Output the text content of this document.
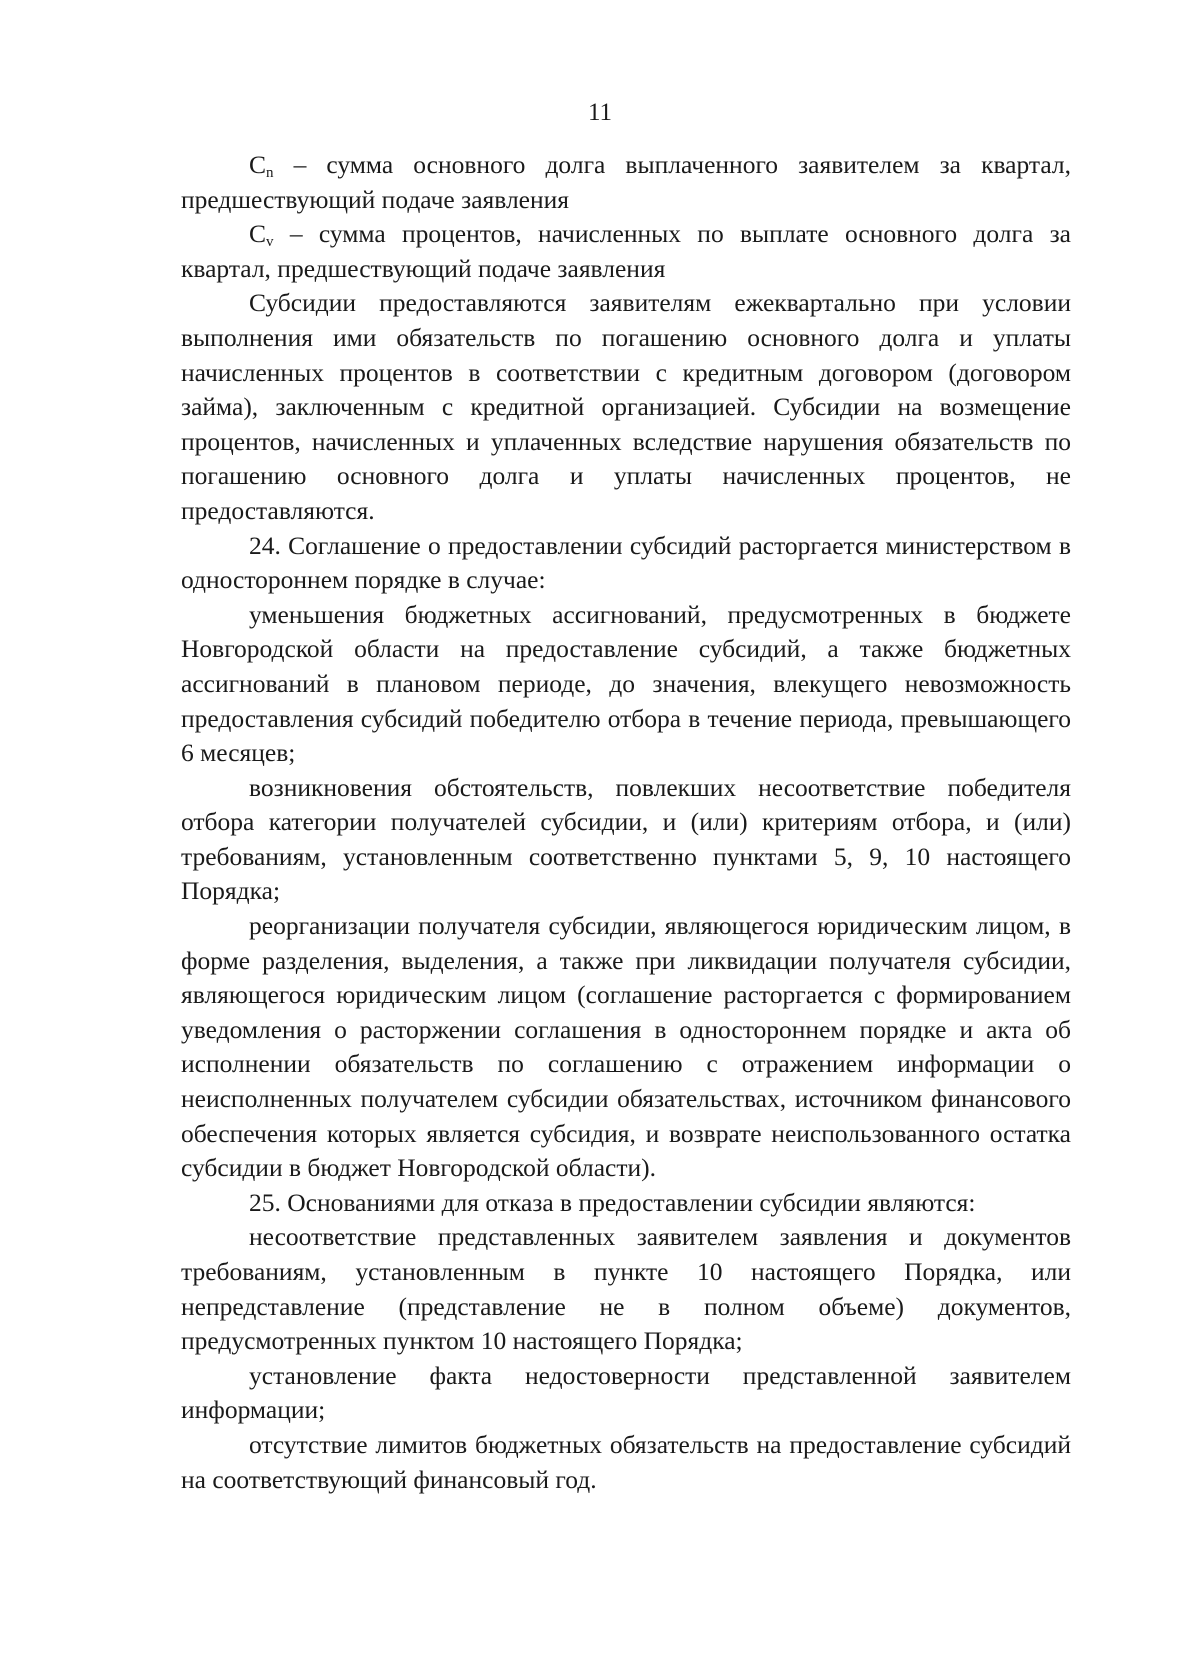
11

$C_n$ – сумма основного долга выплаченного заявителем за квартал, предшествующий подаче заявления

$C_v$ – сумма процентов, начисленных по выплате основного долга за квартал, предшествующий подаче заявления

Субсидии предоставляются заявителям ежеквартально при условии выполнения ими обязательств по погашению основного долга и уплаты начисленных процентов в соответствии с кредитным договором (договором займа), заключенным с кредитной организацией. Субсидии на возмещение процентов, начисленных и уплаченных вследствие нарушения обязательств по погашению основного долга и уплаты начисленных процентов, не предоставляются.

24. Соглашение о предоставлении субсидий расторгается министерством в одностороннем порядке в случае:

уменьшения бюджетных ассигнований, предусмотренных в бюджете Новгородской области на предоставление субсидий, а также бюджетных ассигнований в плановом периоде, до значения, влекущего невозможность предоставления субсидий победителю отбора в течение периода, превышающего 6 месяцев;

возникновения обстоятельств, повлекших несоответствие победителя отбора категории получателей субсидии, и (или) критериям отбора, и (или) требованиям, установленным соответственно пунктами 5, 9, 10 настоящего Порядка;

реорганизации получателя субсидии, являющегося юридическим лицом, в форме разделения, выделения, а также при ликвидации получателя субсидии, являющегося юридическим лицом (соглашение расторгается с формированием уведомления о расторжении соглашения в одностороннем порядке и акта об исполнении обязательств по соглашению с отражением информации о неисполненных получателем субсидии обязательствах, источником финансового обеспечения которых является субсидия, и возврате неиспользованного остатка субсидии в бюджет Новгородской области).

25. Основаниями для отказа в предоставлении субсидии являются:

несоответствие представленных заявителем заявления и документов требованиям, установленным в пункте 10 настоящего Порядка, или непредставление (представление не в полном объеме) документов, предусмотренных пунктом 10 настоящего Порядка;

установление факта недостоверности представленной заявителем информации;

отсутствие лимитов бюджетных обязательств на предоставление субсидий на соответствующий финансовый год.
